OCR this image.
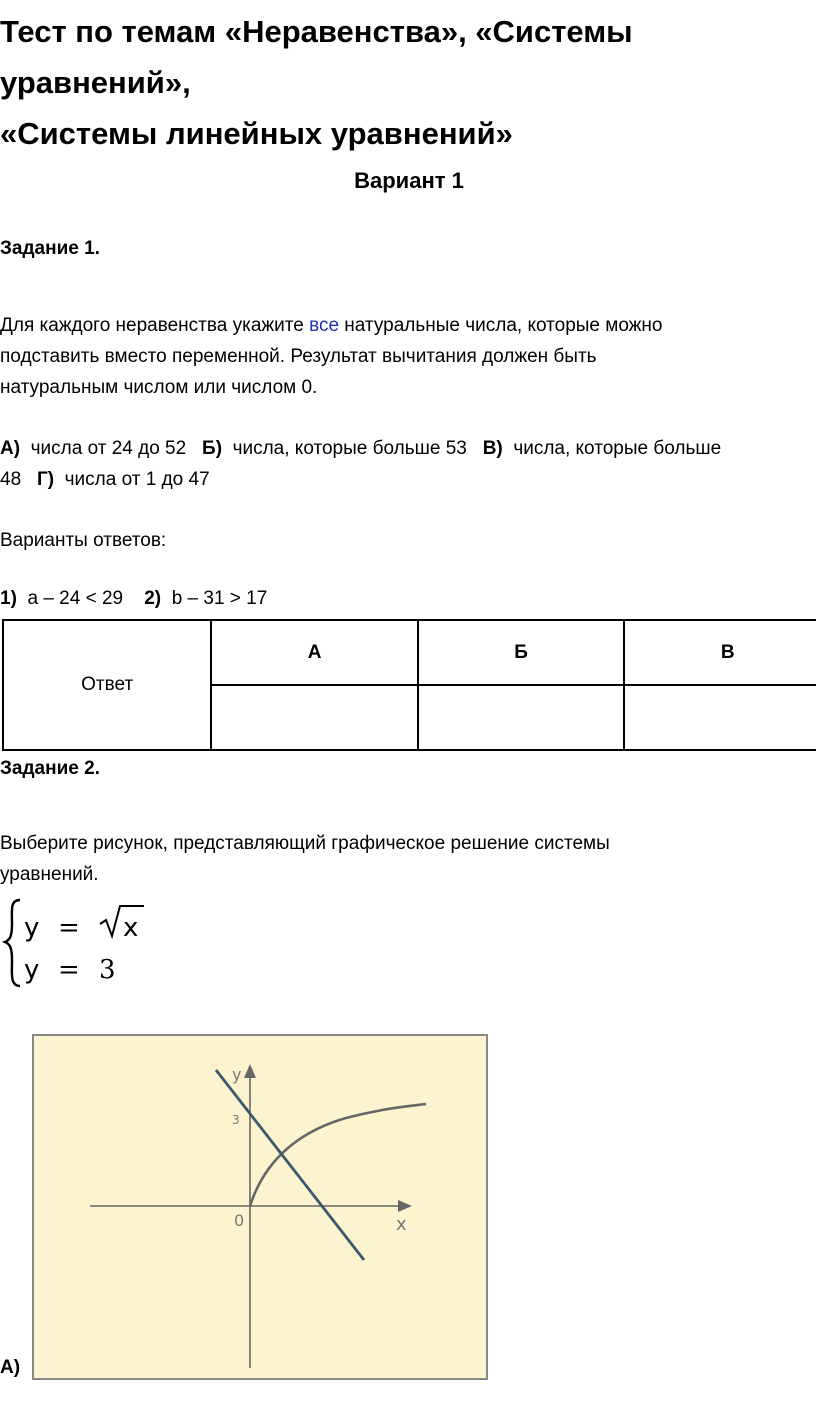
Тест по темам «Неравенства», «Системы
уравнений»,
«Системы линейных уравнений»
Вариант 1
Задание 1.
Для каждого неравенства укажите все натуральные числа, которые можно
подставить вместо переменной. Результат вычитания должен быть
натуральным числом или числом 0.
А) числа от 24 до 52 Б) числа, которые больше 53 В) числа, которые больше
48 Г) числа от 1 до 47
Варианты ответов:
1) a – 24 < 29 2) b – 31 > 17
Ответ	А	Б	В

Задание 2.
Выберите рисунок, представляющий графическое решение системы
уравнений.
y = x
y = 3
y
x
0
3
А)
